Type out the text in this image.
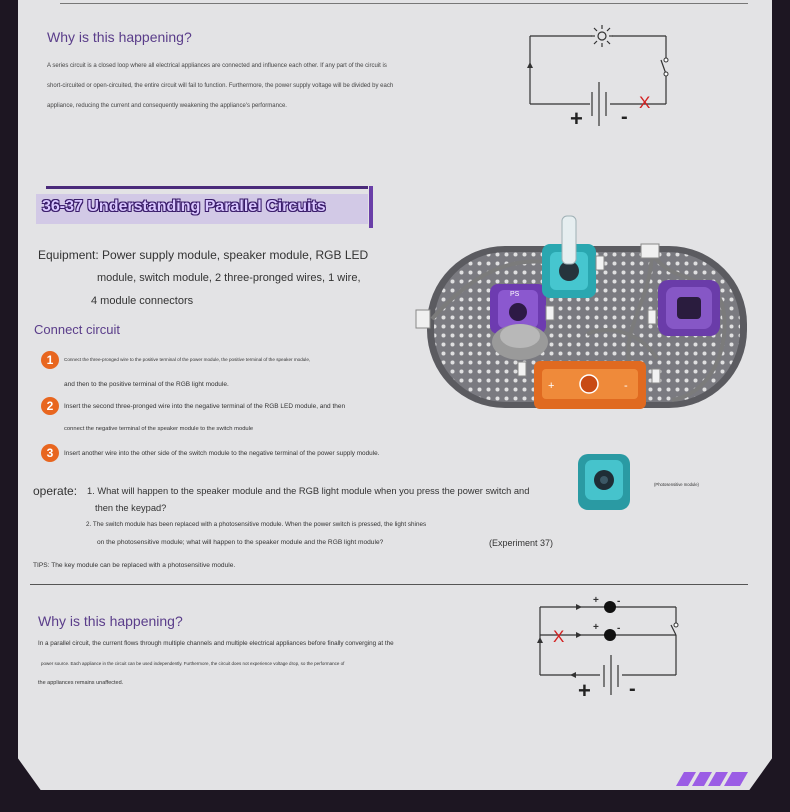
Why is this happening?
A series circuit is a closed loop where all electrical appliances are connected and influence each other. If any part of the circuit is
short-circuited or open-circuited, the entire circuit will fail to function. Furthermore, the power supply voltage will be divided by each
appliance, reducing the current and consequently weakening the appliance's performance.	X
+ -
36-37 Understanding Parallel Circuits
Equipment: Power supply module, speaker module, RGB LED
module, switch module, 2 three-pronged wires, 1 wire,
4 module connectors
Connect circuit
1	Connect the three-pronged wire to the positive terminal of the power module, the positive terminal of the speaker module,
and then to the positive terminal of the RGB light module.
2	Insert the second three-pronged wire into the negative terminal of the RGB LED module, and then
connect the negative terminal of the speaker module to the switch module
3	Insert another wire into the other side of the switch module to the negative terminal of the power supply module.
PS
+	-
operate: 1. What will happen to the speaker module and the RGB light module when you press the power switch and
then the keypad?
2. The switch module has been replaced with a photosensitive module. When the power switch is pressed, the light shines
on the photosensitive module; what will happen to the speaker module and the RGB light module?	(Experiment 37)
(Photosensitive module)
TIPS: The key module can be replaced with a photosensitive module.
Why is this happening?
In a parallel circuit, the current flows through multiple channels and multiple electrical appliances before finally converging at the
power source. Each appliance in the circuit can be used independently. Furthermore, the circuit does not experience voltage drop, so the performance of
the appliances remains unaffected.
+ -
+ -
X
+ -
